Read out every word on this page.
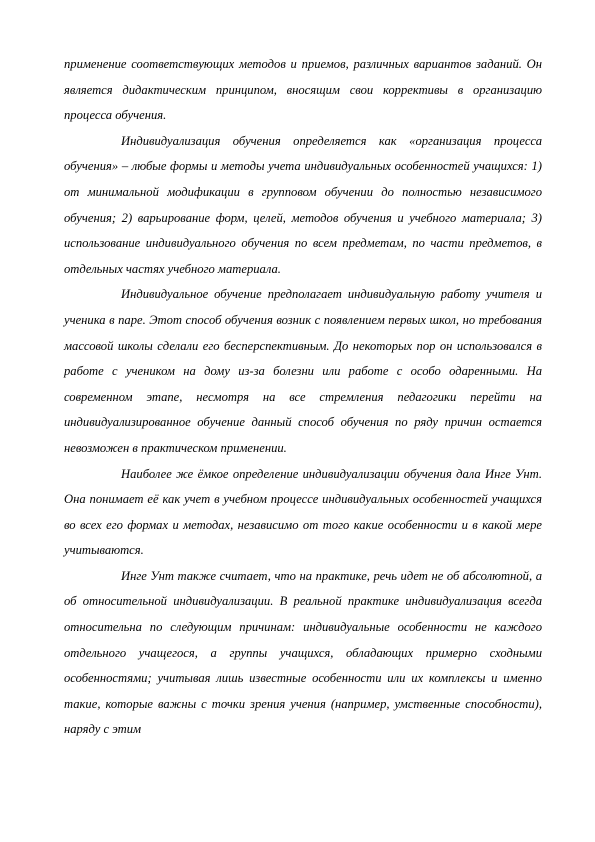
применение соответствующих методов и приемов, различных вариантов заданий. Он является дидактическим принципом, вносящим свои коррективы в организацию процесса обучения.

Индивидуализация обучения определяется как «организация процесса обучения» – любые формы и методы учета индивидуальных особенностей учащихся: 1) от минимальной модификации в групповом обучении до полностью независимого обучения; 2) варьирование форм, целей, методов обучения и учебного материала; 3) использование индивидуального обучения по всем предметам, по части предметов, в отдельных частях учебного материала.

Индивидуальное обучение предполагает индивидуальную работу учителя и ученика в паре. Этот способ обучения возник с появлением первых школ, но требования массовой школы сделали его бесперспективным. До некоторых пор он использовался в работе с учеником на дому из-за болезни или работе с особо одаренными. На современном этапе, несмотря на все стремления педагогики перейти на индивидуализированное обучение данный способ обучения по ряду причин остается невозможен в практическом применении.

Наиболее же ёмкое определение индивидуализации обучения дала Инге Унт. Она понимает её как учет в учебном процессе индивидуальных особенностей учащихся во всех его формах и методах, независимо от того какие особенности и в какой мере учитываются.

Инге Унт также считает, что на практике, речь идет не об абсолютной, а об относительной индивидуализации. В реальной практике индивидуализация всегда относительна по следующим причинам: индивидуальные особенности не каждого отдельного учащегося, а группы учащихся, обладающих примерно сходными особенностями; учитывая лишь известные особенности или их комплексы и именно такие, которые важны с точки зрения учения (например, умственные способности), наряду с этим
